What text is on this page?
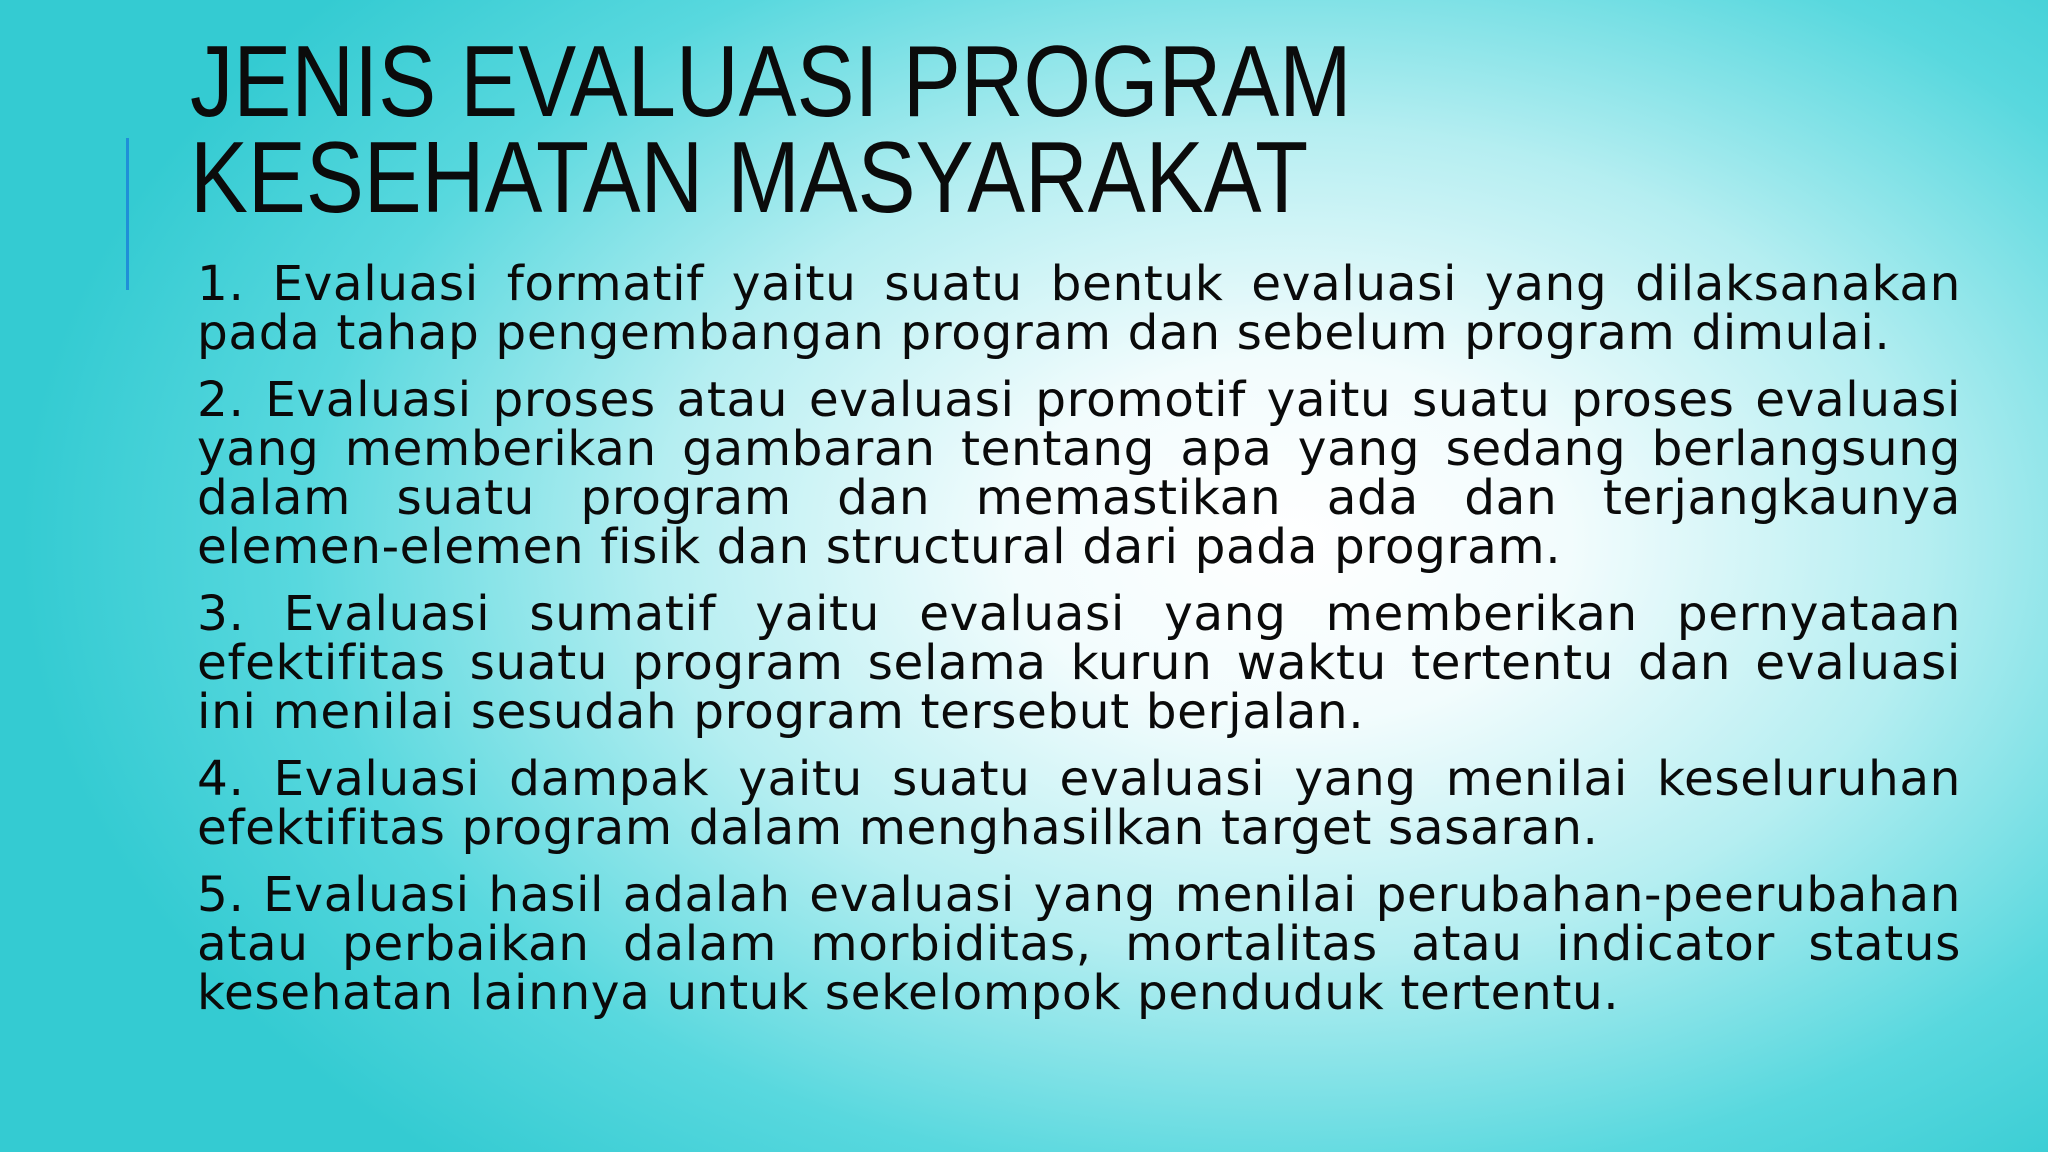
JENIS EVALUASI PROGRAM
KESEHATAN MASYARAKAT

1. Evaluasi formatif yaitu suatu bentuk evaluasi yang dilaksanakan pada tahap pengembangan program dan sebelum program dimulai.

2. Evaluasi proses atau evaluasi promotif yaitu suatu proses evaluasi yang memberikan gambaran tentang apa yang sedang berlangsung dalam suatu program dan memastikan ada dan terjangkaunya elemen-elemen fisik dan structural dari pada program.

3. Evaluasi sumatif yaitu evaluasi yang memberikan pernyataan efektifitas suatu program selama kurun waktu tertentu dan evaluasi ini menilai sesudah program tersebut berjalan.

4. Evaluasi dampak yaitu suatu evaluasi yang menilai keseluruhan efektifitas program dalam menghasilkan target sasaran.

5. Evaluasi hasil adalah evaluasi yang menilai perubahan-peerubahan atau perbaikan dalam morbiditas, mortalitas atau indicator status kesehatan lainnya untuk sekelompok penduduk tertentu.
